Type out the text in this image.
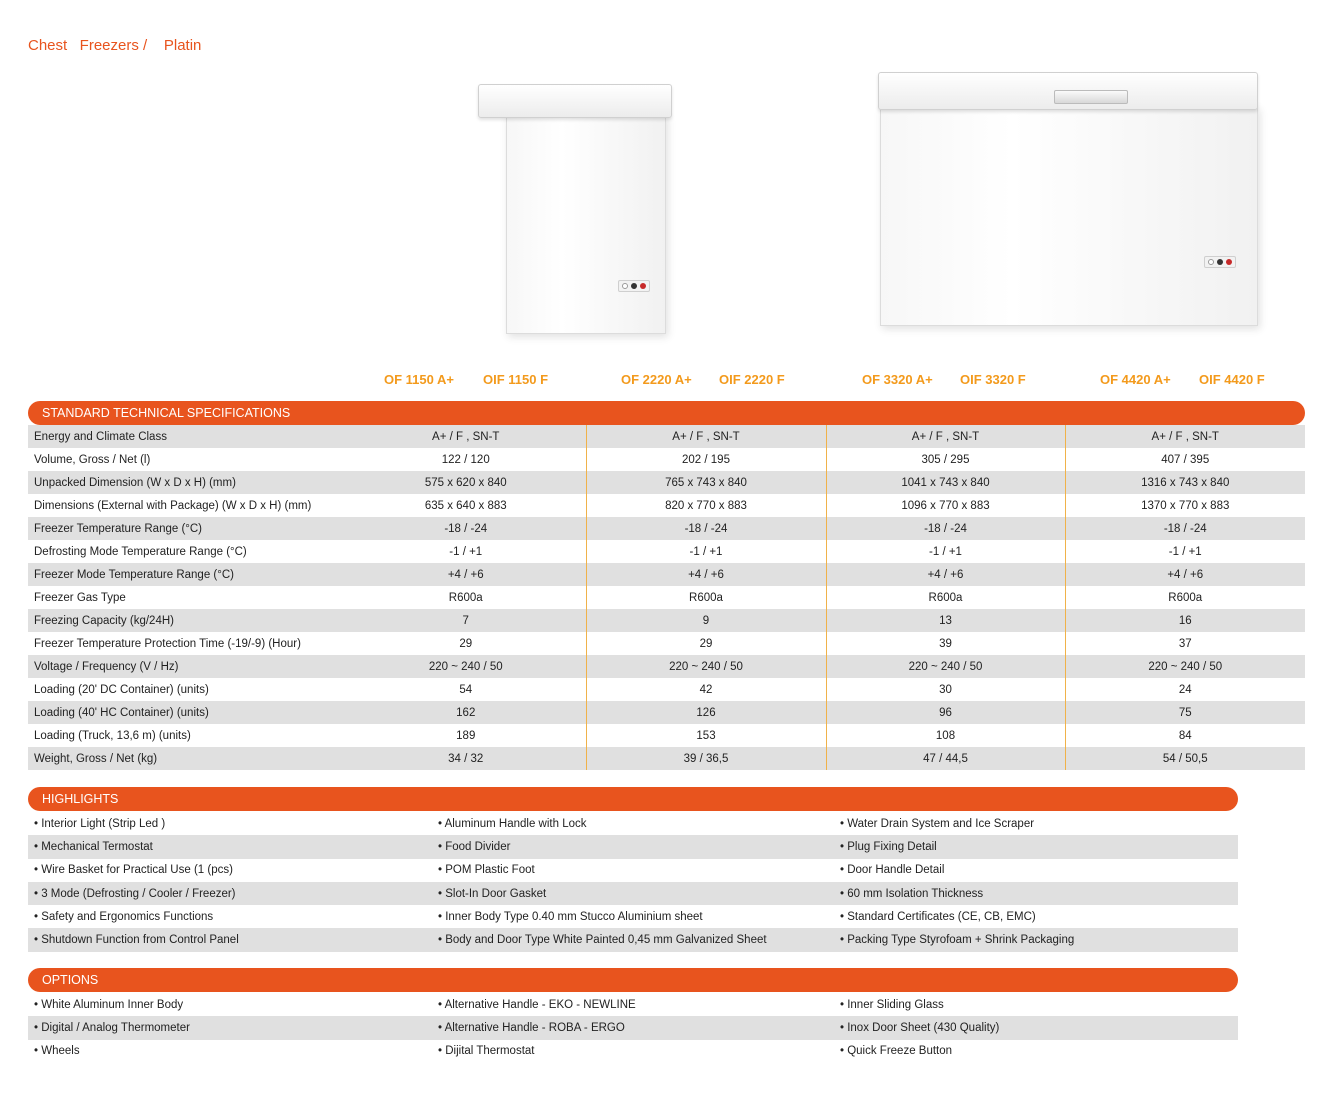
Chest   Freezers /    Platin
OF 1150 A+ OIF 1150 F	OF 2220 A+ OIF 2220 F	OF 3320 A+ OIF 3320 F	OF 4420 A+ OIF 4420 F
STANDARD TECHNICAL SPECIFICATIONS
Energy and Climate Class	A+ / F , SN-T	A+ / F , SN-T	A+ / F , SN-T	A+ / F , SN-T
Volume, Gross / Net (l)	122 / 120	202 / 195	305 / 295	407 / 395
Unpacked Dimension (W x D x H) (mm)	575 x 620 x 840	765 x 743 x 840	1041 x 743 x 840	1316 x 743 x 840
Dimensions (External with Package) (W x D x H) (mm)	635 x 640 x 883	820 x 770 x 883	1096 x 770 x 883	1370 x 770 x 883
Freezer Temperature Range (°C)	-18 / -24	-18 / -24	-18 / -24	-18 / -24
Defrosting Mode Temperature Range (°C)	-1 / +1	-1 / +1	-1 / +1	-1 / +1
Freezer Mode Temperature Range (°C)	+4 / +6	+4 / +6	+4 / +6	+4 / +6
Freezer Gas Type	R600a	R600a	R600a	R600a
Freezing Capacity (kg/24H)	7	9	13	16
Freezer Temperature Protection Time (-19/-9) (Hour)	29	29	39	37
Voltage / Frequency (V / Hz)	220 ~ 240 / 50	220 ~ 240 / 50	220 ~ 240 / 50	220 ~ 240 / 50
Loading (20' DC Container) (units)	54	42	30	24
Loading (40' HC Container) (units)	162	126	96	75
Loading (Truck, 13,6 m) (units)	189	153	108	84
Weight, Gross / Net (kg)	34 / 32	39 / 36,5	47 / 44,5	54 / 50,5
HIGHLIGHTS
• Interior Light (Strip Led )	• Aluminum Handle with Lock	• Water Drain System and Ice Scraper
• Mechanical Termostat	• Food Divider	• Plug Fixing Detail
• Wire Basket for Practical Use (1 (pcs)	• POM Plastic Foot	• Door Handle Detail
• 3 Mode (Defrosting / Cooler / Freezer)	• Slot-In Door Gasket	• 60 mm Isolation Thickness
• Safety and Ergonomics Functions	• Inner Body Type 0.40 mm Stucco Aluminium sheet	• Standard Certificates (CE, CB, EMC)
• Shutdown Function from Control Panel	• Body and Door Type White Painted 0,45 mm Galvanized Sheet	• Packing Type Styrofoam + Shrink Packaging
OPTIONS
• White Aluminum Inner Body	• Alternative Handle - EKO - NEWLINE	• Inner Sliding Glass
• Digital / Analog Thermometer	• Alternative Handle - ROBA - ERGO	• Inox Door Sheet (430 Quality)
• Wheels	• Dijital Thermostat	• Quick Freeze Button
